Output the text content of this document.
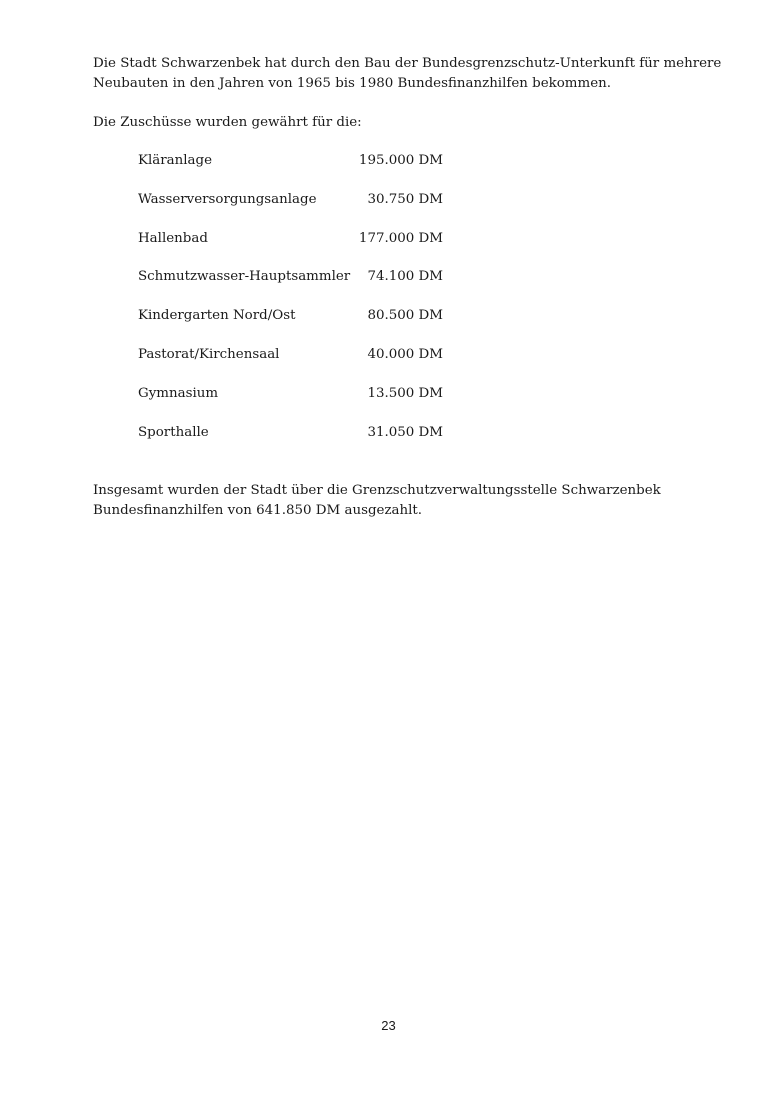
Die Stadt Schwarzenbek hat durch den Bau der Bundesgrenzschutz-Unterkunft für mehrere
Neubauten in den Jahren von 1965 bis 1980 Bundesfinanzhilfen bekommen.

Die Zuschüsse wurden gewährt für die:

Kläranlage	195.000 DM
Wasserversorgungsanlage	30.750 DM
Hallenbad	177.000 DM
Schmutzwasser-Hauptsammler 74.100 DM
Kindergarten Nord/Ost	80.500 DM
Pastorat/Kirchensaal	40.000 DM
Gymnasium	13.500 DM
Sporthalle	31.050 DM

Insgesamt wurden der Stadt über die Grenzschutzverwaltungsstelle Schwarzenbek
Bundesfinanzhilfen von 641.850 DM ausgezahlt.

23
